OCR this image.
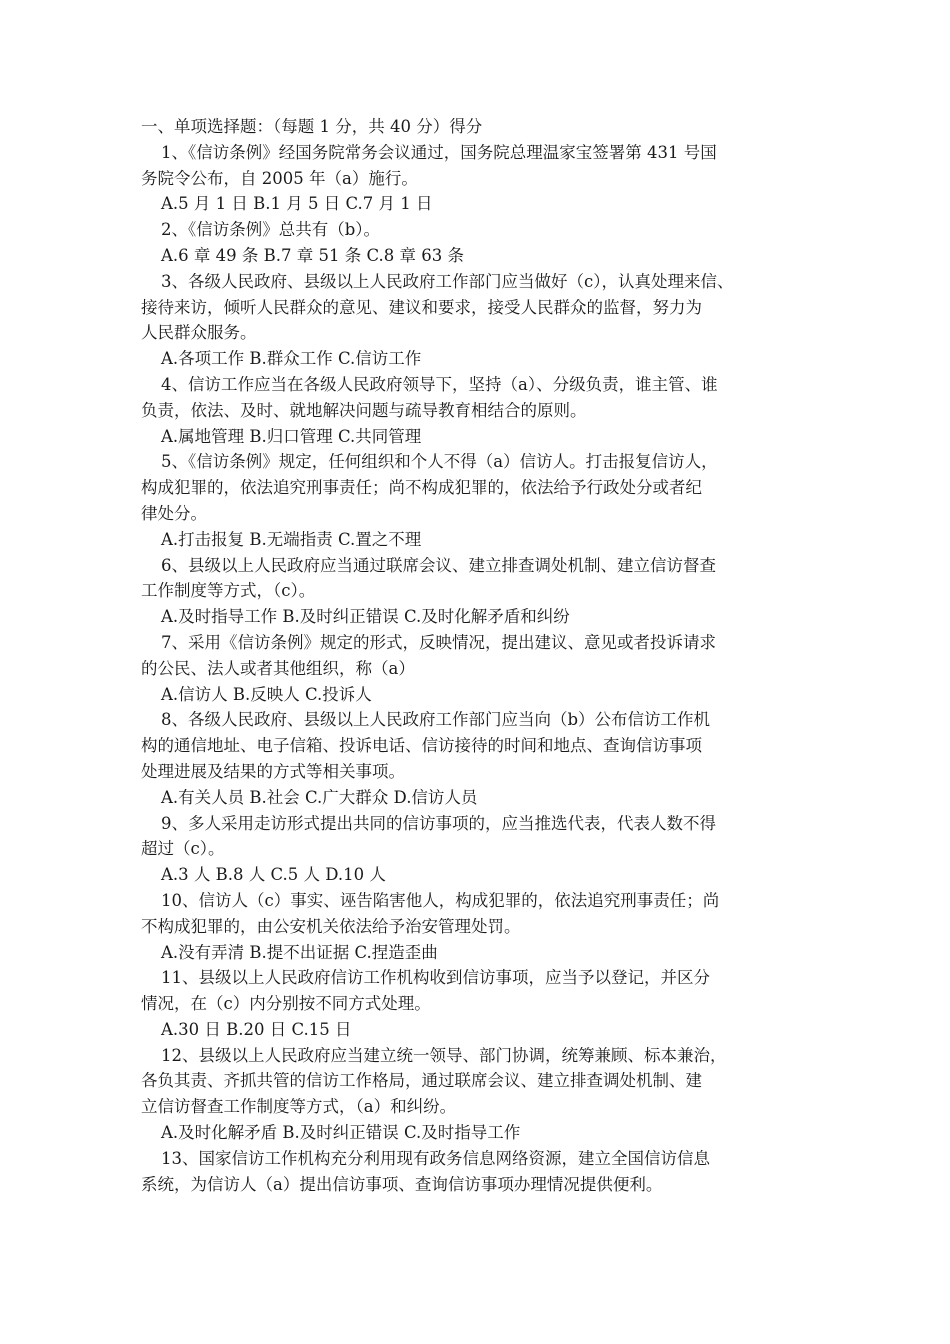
一、单项选择题：（每题 1 分，共 40 分）得分

1、《信访条例》经国务院常务会议通过，国务院总理温家宝签署第 431 号国

务院令公布，自 2005 年（a）施行。

A.5 月 1 日 B.1 月 5 日 C.7 月 1 日

2、《信访条例》总共有（b）。

A.6 章 49 条 B.7 章 51 条 C.8 章 63 条

3、各级人民政府、县级以上人民政府工作部门应当做好（c），认真处理来信、

接待来访，倾听人民群众的意见、建议和要求，接受人民群众的监督，努力为

人民群众服务。

A.各项工作 B.群众工作 C.信访工作

4、信访工作应当在各级人民政府领导下，坚持（a）、分级负责，谁主管、谁

负责，依法、及时、就地解决问题与疏导教育相结合的原则。

A.属地管理 B.归口管理 C.共同管理

5、《信访条例》规定，任何组织和个人不得（a）信访人。打击报复信访人，

构成犯罪的，依法追究刑事责任；尚不构成犯罪的，依法给予行政处分或者纪

律处分。

A.打击报复 B.无端指责 C.置之不理

6、县级以上人民政府应当通过联席会议、建立排查调处机制、建立信访督查

工作制度等方式，（c）。

A.及时指导工作 B.及时纠正错误 C.及时化解矛盾和纠纷

7、采用《信访条例》规定的形式，反映情况，提出建议、意见或者投诉请求

的公民、法人或者其他组织，称（a）

A.信访人 B.反映人 C.投诉人

8、各级人民政府、县级以上人民政府工作部门应当向（b）公布信访工作机

构的通信地址、电子信箱、投诉电话、信访接待的时间和地点、查询信访事项

处理进展及结果的方式等相关事项。

A.有关人员 B.社会 C.广大群众 D.信访人员

9、多人采用走访形式提出共同的信访事项的，应当推选代表，代表人数不得

超过（c）。

A.3 人 B.8 人 C.5 人 D.10 人

10、信访人（c）事实、诬告陷害他人，构成犯罪的，依法追究刑事责任；尚

不构成犯罪的，由公安机关依法给予治安管理处罚。

A.没有弄清 B.提不出证据 C.捏造歪曲

11、县级以上人民政府信访工作机构收到信访事项，应当予以登记，并区分

情况，在（c）内分别按不同方式处理。

A.30 日 B.20 日 C.15 日

12、县级以上人民政府应当建立统一领导、部门协调，统筹兼顾、标本兼治，

各负其责、齐抓共管的信访工作格局，通过联席会议、建立排查调处机制、建

立信访督查工作制度等方式，（a）和纠纷。

A.及时化解矛盾 B.及时纠正错误 C.及时指导工作

13、国家信访工作机构充分利用现有政务信息网络资源，建立全国信访信息

系统，为信访人（a）提出信访事项、查询信访事项办理情况提供便利。
